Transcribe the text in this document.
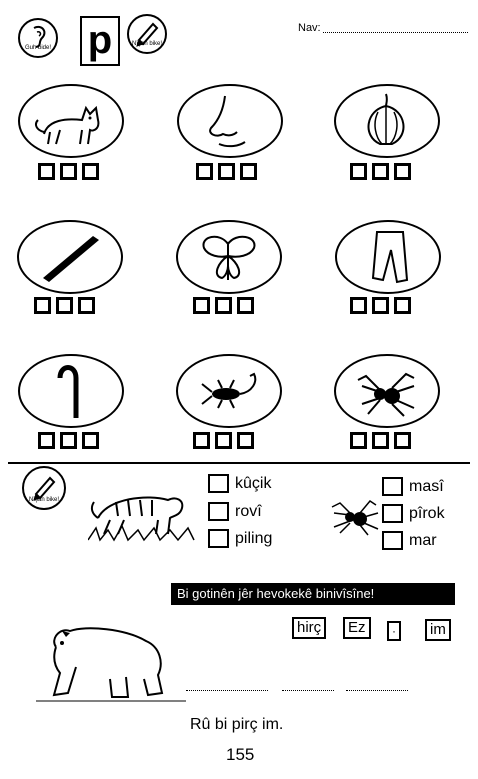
Guh bide! p	Nîşan bike!
Nav:
Nîşan bike!
kûçik
rovî
piling
masî
pîrok
mar
Bi gotinên jêr hevokekê binivîsîne!
hirç	Ez	·	im
Rû bi pirç im.
155
